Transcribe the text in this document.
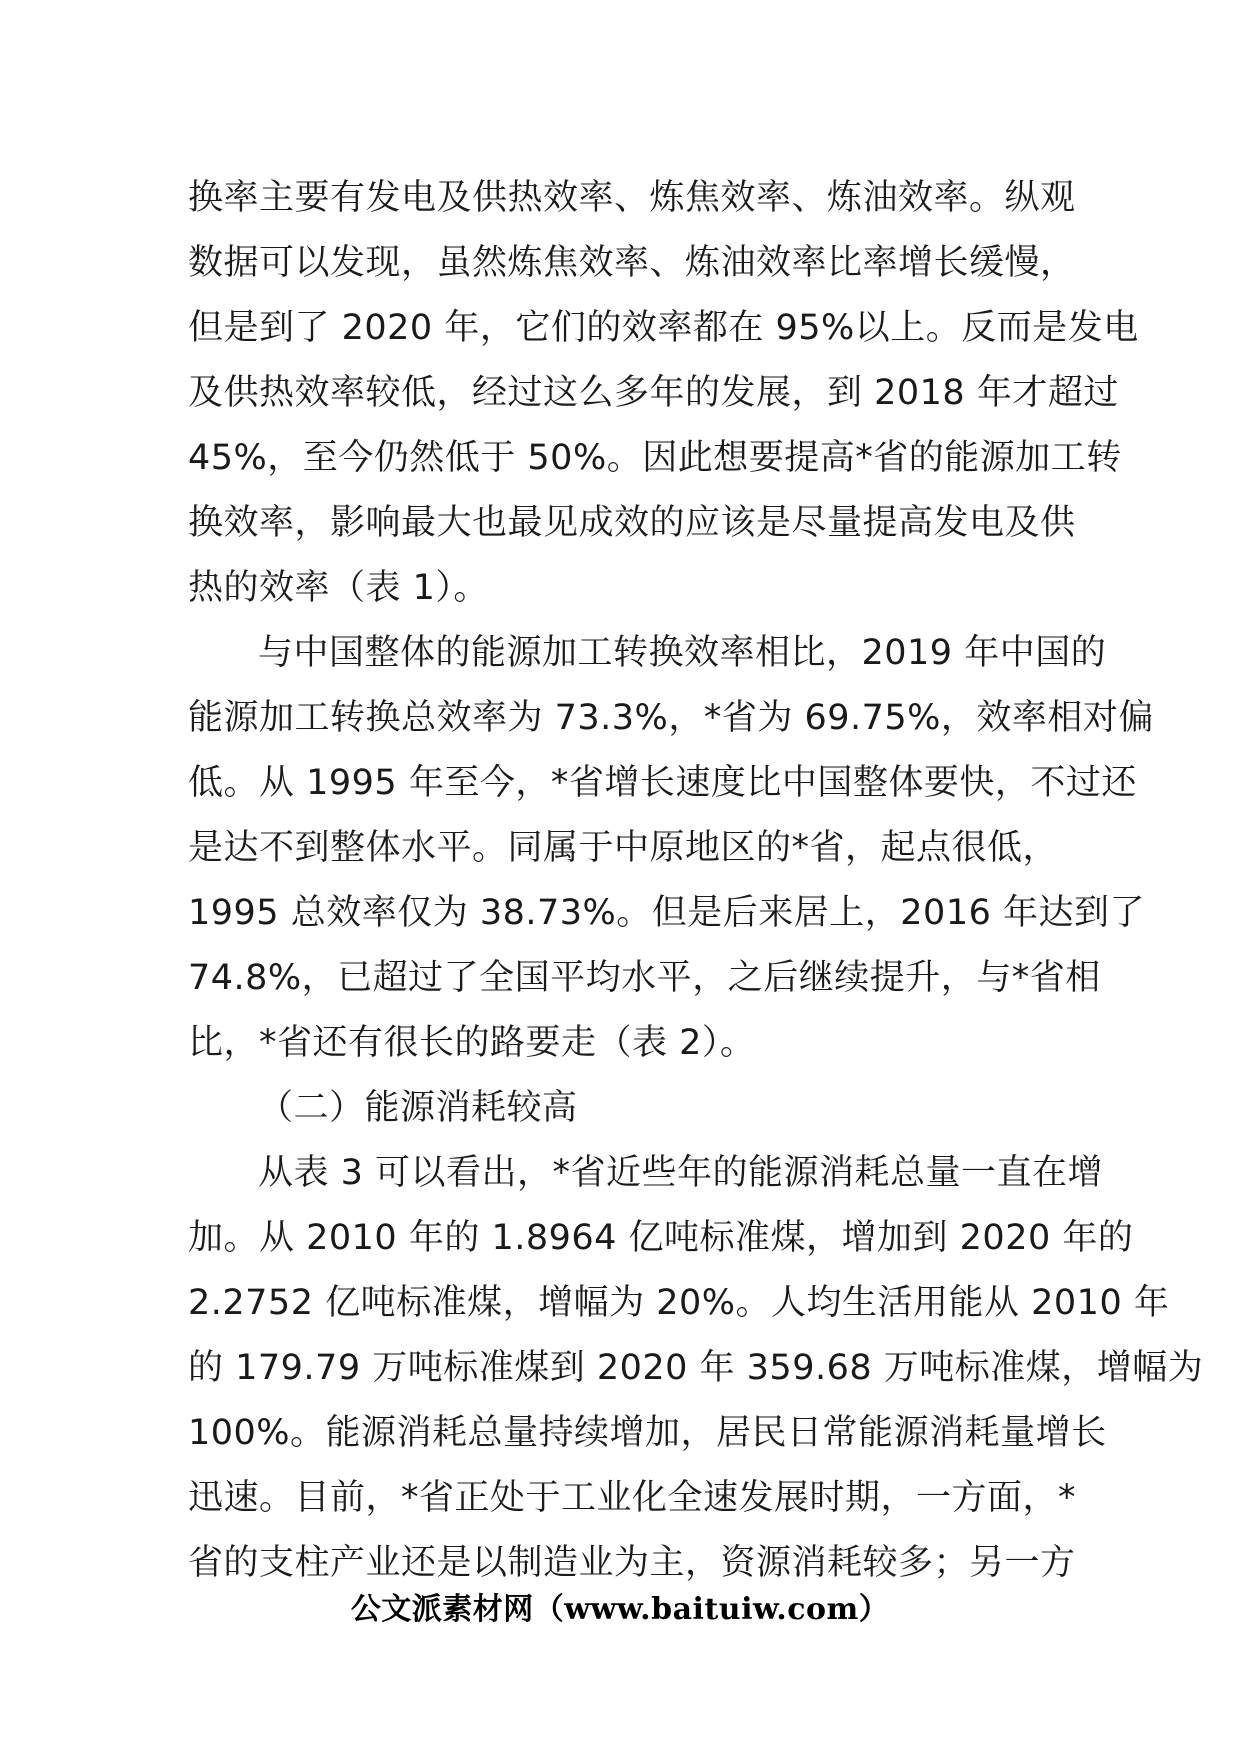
换率主要有发电及供热效率、炼焦效率、炼油效率。纵观
数据可以发现，虽然炼焦效率、炼油效率比率增长缓慢，
但是到了 2020 年，它们的效率都在 95%以上。反而是发电
及供热效率较低，经过这么多年的发展，到 2018 年才超过
45%，至今仍然低于 50%。因此想要提高*省的能源加工转
换效率，影响最大也最见成效的应该是尽量提高发电及供
热的效率（表 1）。
与中国整体的能源加工转换效率相比，2019 年中国的
能源加工转换总效率为 73.3%，*省为 69.75%，效率相对偏
低。从 1995 年至今，*省增长速度比中国整体要快，不过还
是达不到整体水平。同属于中原地区的*省，起点很低，
1995 总效率仅为 38.73%。但是后来居上，2016 年达到了
74.8%，已超过了全国平均水平，之后继续提升，与*省相
比，*省还有很长的路要走（表 2）。
（二）能源消耗较高
从表 3 可以看出，*省近些年的能源消耗总量一直在增
加。从 2010 年的 1.8964 亿吨标准煤，增加到 2020 年的
2.2752 亿吨标准煤，增幅为 20%。人均生活用能从 2010 年
的 179.79 万吨标准煤到 2020 年 359.68 万吨标准煤，增幅为
100%。能源消耗总量持续增加，居民日常能源消耗量增长
迅速。目前，*省正处于工业化全速发展时期，一方面，*
省的支柱产业还是以制造业为主，资源消耗较多；另一方
公文派素材网（www.baituiw.com）
